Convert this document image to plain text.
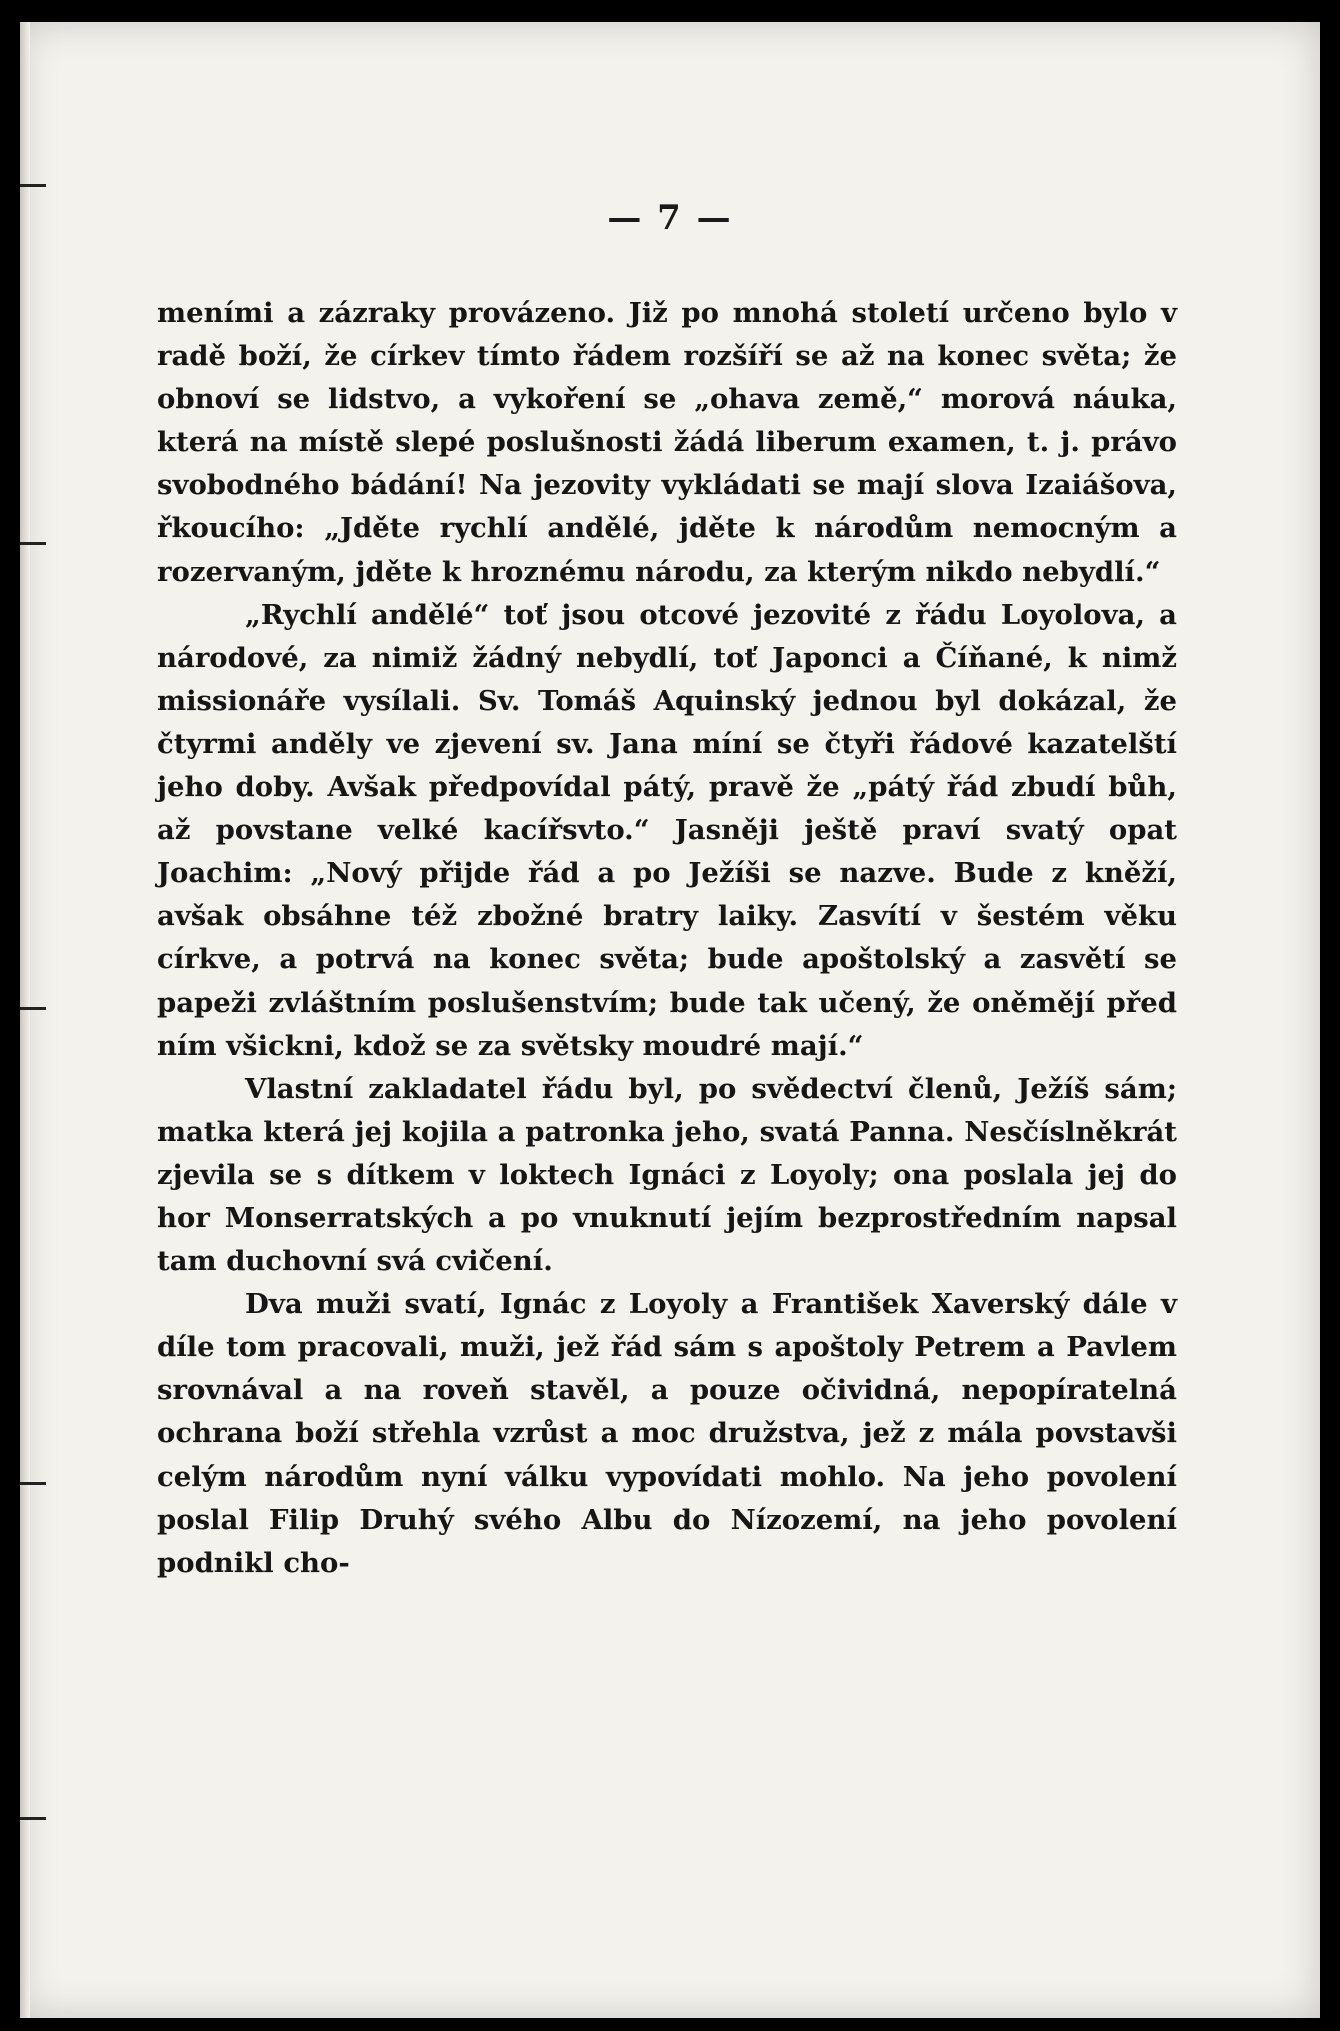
— 7 —

meními a zázraky provázeno. Již po mnohá století určeno bylo v radě boží, že církev tímto řádem rozšíří se až na konec světa; že obnoví se lidstvo, a vykoření se „ohava země,“ morová náuka, která na místě slepé poslušnosti žádá liberum examen, t. j. právo svobodného bádání! Na jezovity vykládati se mají slova Izaiášova, řkoucího: „Jděte rychlí andělé, jděte k národům nemocným a rozervaným, jděte k hroznému národu, za kterým nikdo nebydlí.“

„Rychlí andělé“ toť jsou otcové jezovité z řádu Loyolova, a národové, za nimiž žádný nebydlí, toť Japonci a Číňané, k nimž missionáře vysílali. Sv. Tomáš Aquinský jednou byl dokázal, že čtyrmi anděly ve zjevení sv. Jana míní se čtyři řádové kazatelští jeho doby. Avšak předpovídal pátý, pravě že „pátý řád zbudí bůh, až povstane velké kacířsvto.“ Jasněji ještě praví svatý opat Joachim: „Nový přijde řád a po Ježíši se nazve. Bude z kněží, avšak obsáhne též zbožné bratry laiky. Zasvítí v šestém věku církve, a potrvá na konec světa; bude apoštolský a zasvětí se papeži zvláštním poslušenstvím; bude tak učený, že oněmějí před ním všickni, kdož se za světsky moudré mají.“

Vlastní zakladatel řádu byl, po svědectví členů, Ježíš sám; matka která jej kojila a patronka jeho, svatá Panna. Nesčíslněkrát zjevila se s dítkem v loktech Ignáci z Loyoly; ona poslala jej do hor Monserratských a po vnuknutí jejím bezprostředním napsal tam duchovní svá cvičení.

Dva muži svatí, Ignác z Loyoly a František Xaverský dále v díle tom pracovali, muži, jež řád sám s apoštoly Petrem a Pavlem srovnával a na roveň stavěl, a pouze očividná, nepopíratelná ochrana boží střehla vzrůst a moc družstva, jež z mála povstavši celým národům nyní válku vypovídati mohlo. Na jeho povolení poslal Filip Druhý svého Albu do Nízozemí, na jeho povolení podnikl cho-
